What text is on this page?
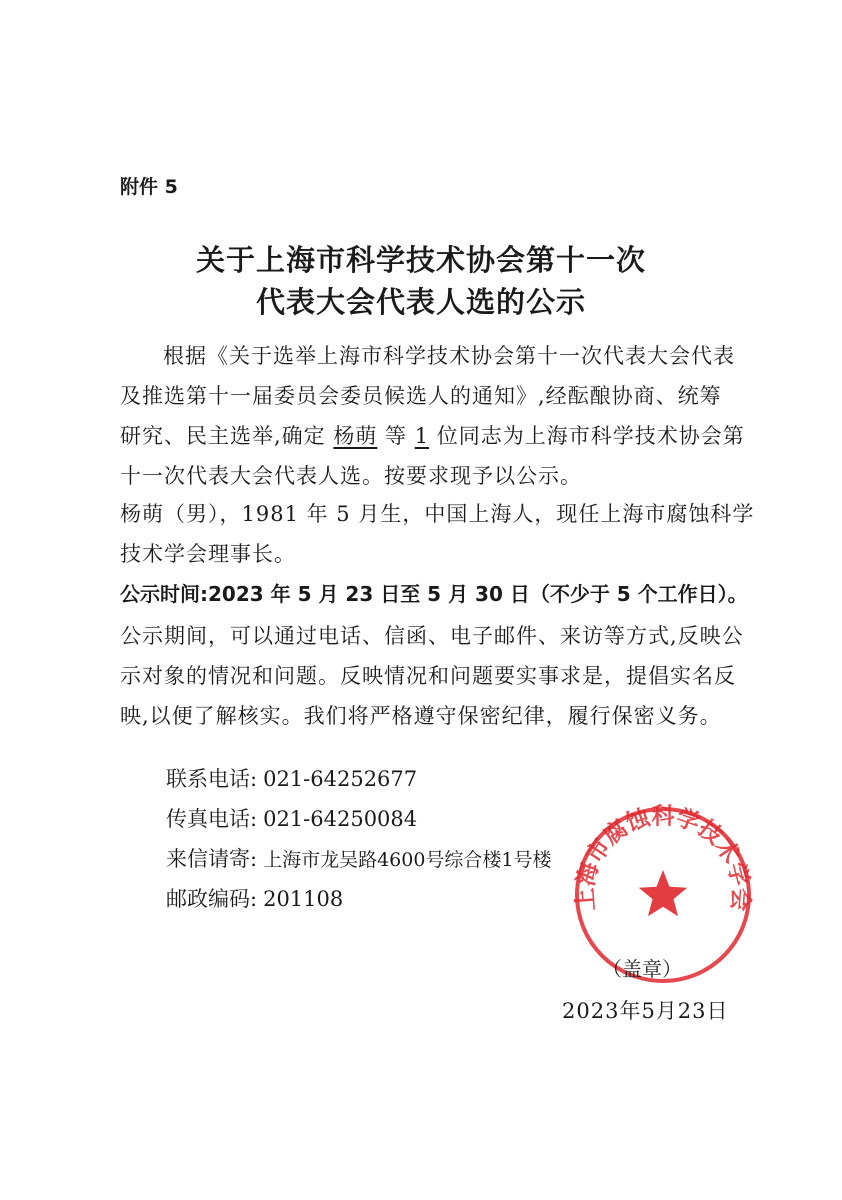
附件 5
关于上海市科学技术协会第十一次
代表大会代表人选的公示
根据《关于选举上海市科学技术协会第十一次代表大会代表
及推选第十一届委员会委员候选人的通知》,经酝酿协商、统筹
研究、民主选举,确定 杨萌 等 1 位同志为上海市科学技术协会第
十一次代表大会代表人选。按要求现予以公示。
杨萌（男），1981 年 5 月生，中国上海人，现任上海市腐蚀科学
技术学会理事长。
公示时间:2023 年 5 月 23 日至 5 月 30 日（不少于 5 个工作日）。
公示期间，可以通过电话、信函、电子邮件、来访等方式,反映公
示对象的情况和问题。反映情况和问题要实事求是，提倡实名反
映,以便了解核实。我们将严格遵守保密纪律，履行保密义务。
联系电话: 021-64252677
传真电话: 021-64250084
来信请寄: 上海市龙吴路4600号综合楼1号楼
邮政编码: 201108	上海市腐蚀科学技术学会
（盖章）
2023年5月23日
